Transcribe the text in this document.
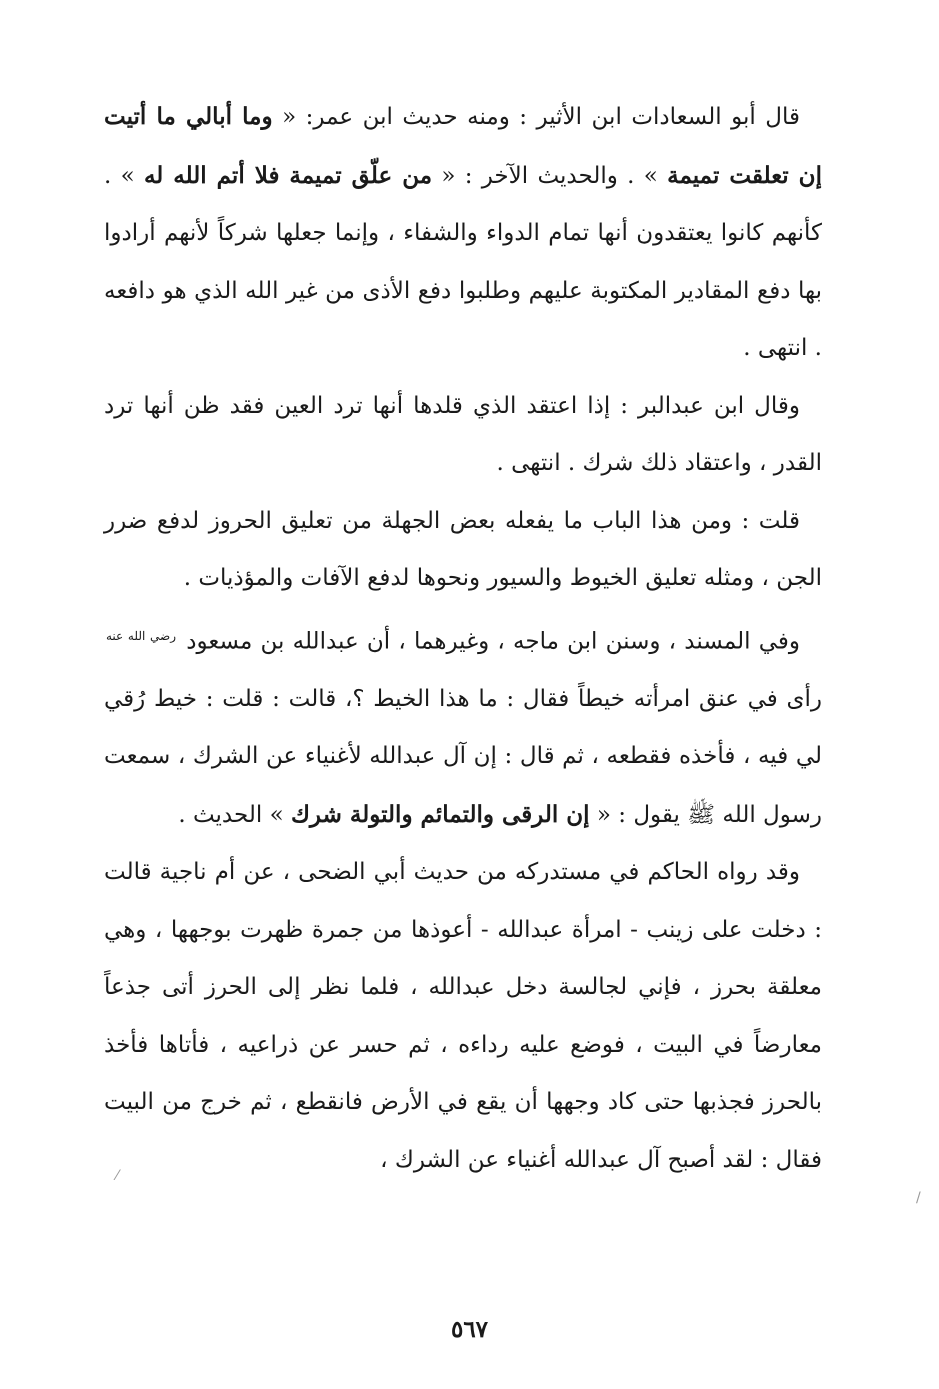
قال أبو السعادات ابن الأثير : ومنه حديث ابن عمر: « وما أبالي ما أتيت إن تعلقت تميمة » . والحديث الآخر : « من علّق تميمة فلا أتم الله له » . كأنهم كانوا يعتقدون أنها تمام الدواء والشفاء ، وإنما جعلها شركاً لأنهم أرادوا بها دفع المقادير المكتوبة عليهم وطلبوا دفع الأذى من غير الله الذي هو دافعه . انتهى .

وقال ابن عبدالبر : إذا اعتقد الذي قلدها أنها ترد العين فقد ظن أنها ترد القدر ، واعتقاد ذلك شرك . انتهى .

قلت : ومن هذا الباب ما يفعله بعض الجهلة من تعليق الحروز لدفع ضرر الجن ، ومثله تعليق الخيوط والسيور ونحوها لدفع الآفات والمؤذيات .

وفي المسند ، وسنن ابن ماجه ، وغيرهما ، أن عبدالله بن مسعود $^{رضي الله عنه}$ رأى في عنق امرأته خيطاً فقال : ما هذا الخيط ؟، قالت : قلت : خيط رُقي لي فيه ، فأخذه فقطعه ، ثم قال : إن آل عبدالله لأغنياء عن الشرك ، سمعت رسول الله ﷺ يقول : « إن الرقى والتمائم والتولة شرك » الحديث .

وقد رواه الحاكم في مستدركه من حديث أبي الضحى ، عن أم ناجية قالت : دخلت على زينب - امرأة عبدالله - أعوذها من جمرة ظهرت بوجهها ، وهي معلقة بحرز ، فإني لجالسة دخل عبدالله ، فلما نظر إلى الحرز أتى جذعاً معارضاً في البيت ، فوضع عليه رداءه ، ثم حسر عن ذراعيه ، فأتاها فأخذ بالحرز فجذبها حتى كاد وجهها أن يقع في الأرض فانقطع ، ثم خرج من البيت فقال : لقد أصبح آل عبدالله أغنياء عن الشرك ،

٥٦٧
⁄
/
